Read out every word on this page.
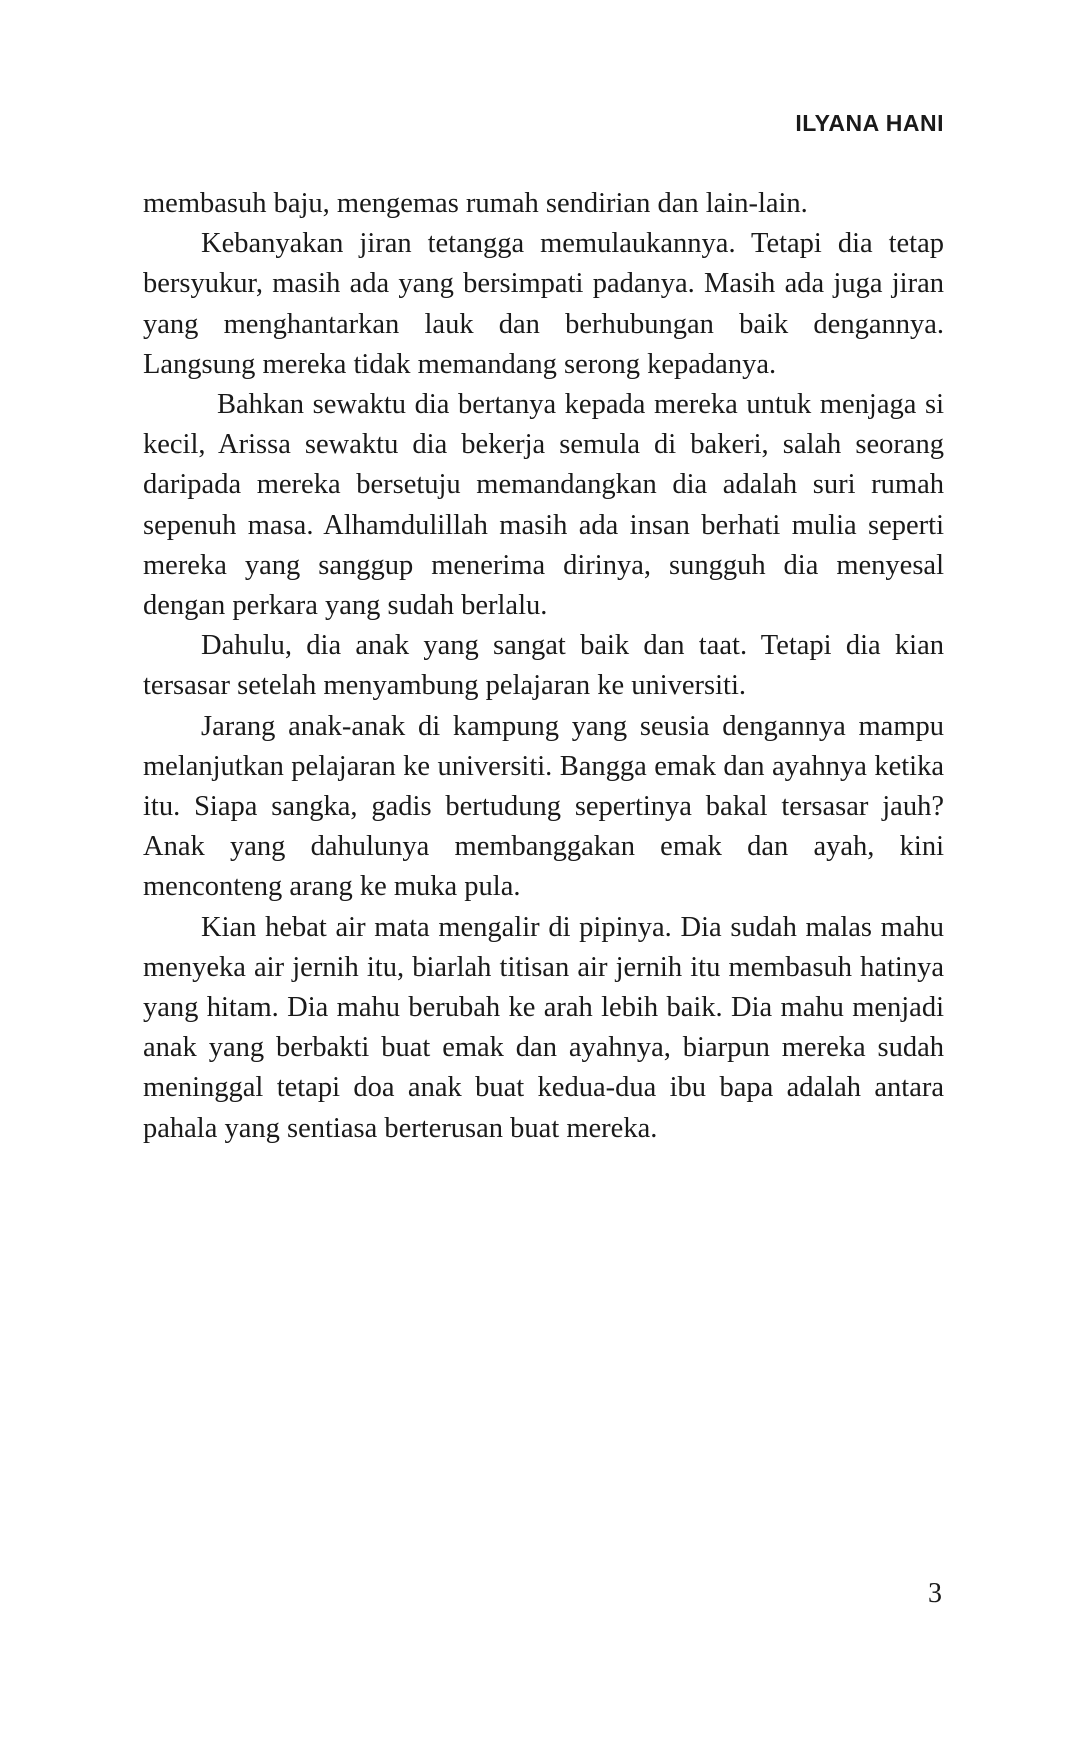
ILYANA HANI

membasuh baju, mengemas rumah sendirian dan lain-lain.

Kebanyakan jiran tetangga memulaukannya. Tetapi dia tetap bersyukur, masih ada yang bersimpati padanya. Masih ada juga jiran yang menghantarkan lauk dan berhubungan baik dengannya. Langsung mereka tidak memandang serong kepadanya.

Bahkan sewaktu dia bertanya kepada mereka untuk menjaga si kecil, Arissa sewaktu dia bekerja semula di bakeri, salah seorang daripada mereka bersetuju memandangkan dia adalah suri rumah sepenuh masa. Alhamdulillah masih ada insan berhati mulia seperti mereka yang sanggup menerima dirinya, sungguh dia menyesal dengan perkara yang sudah berlalu.

Dahulu, dia anak yang sangat baik dan taat. Tetapi dia kian tersasar setelah menyambung pelajaran ke universiti.

Jarang anak-anak di kampung yang seusia dengannya mampu melanjutkan pelajaran ke universiti. Bangga emak dan ayahnya ketika itu. Siapa sangka, gadis bertudung sepertinya bakal tersasar jauh? Anak yang dahulunya membanggakan emak dan ayah, kini menconteng arang ke muka pula.

Kian hebat air mata mengalir di pipinya. Dia sudah malas mahu menyeka air jernih itu, biarlah titisan air jernih itu membasuh hatinya yang hitam. Dia mahu berubah ke arah lebih baik. Dia mahu menjadi anak yang berbakti buat emak dan ayahnya, biarpun mereka sudah meninggal tetapi doa anak buat kedua-dua ibu bapa adalah antara pahala yang sentiasa berterusan buat mereka.

3
